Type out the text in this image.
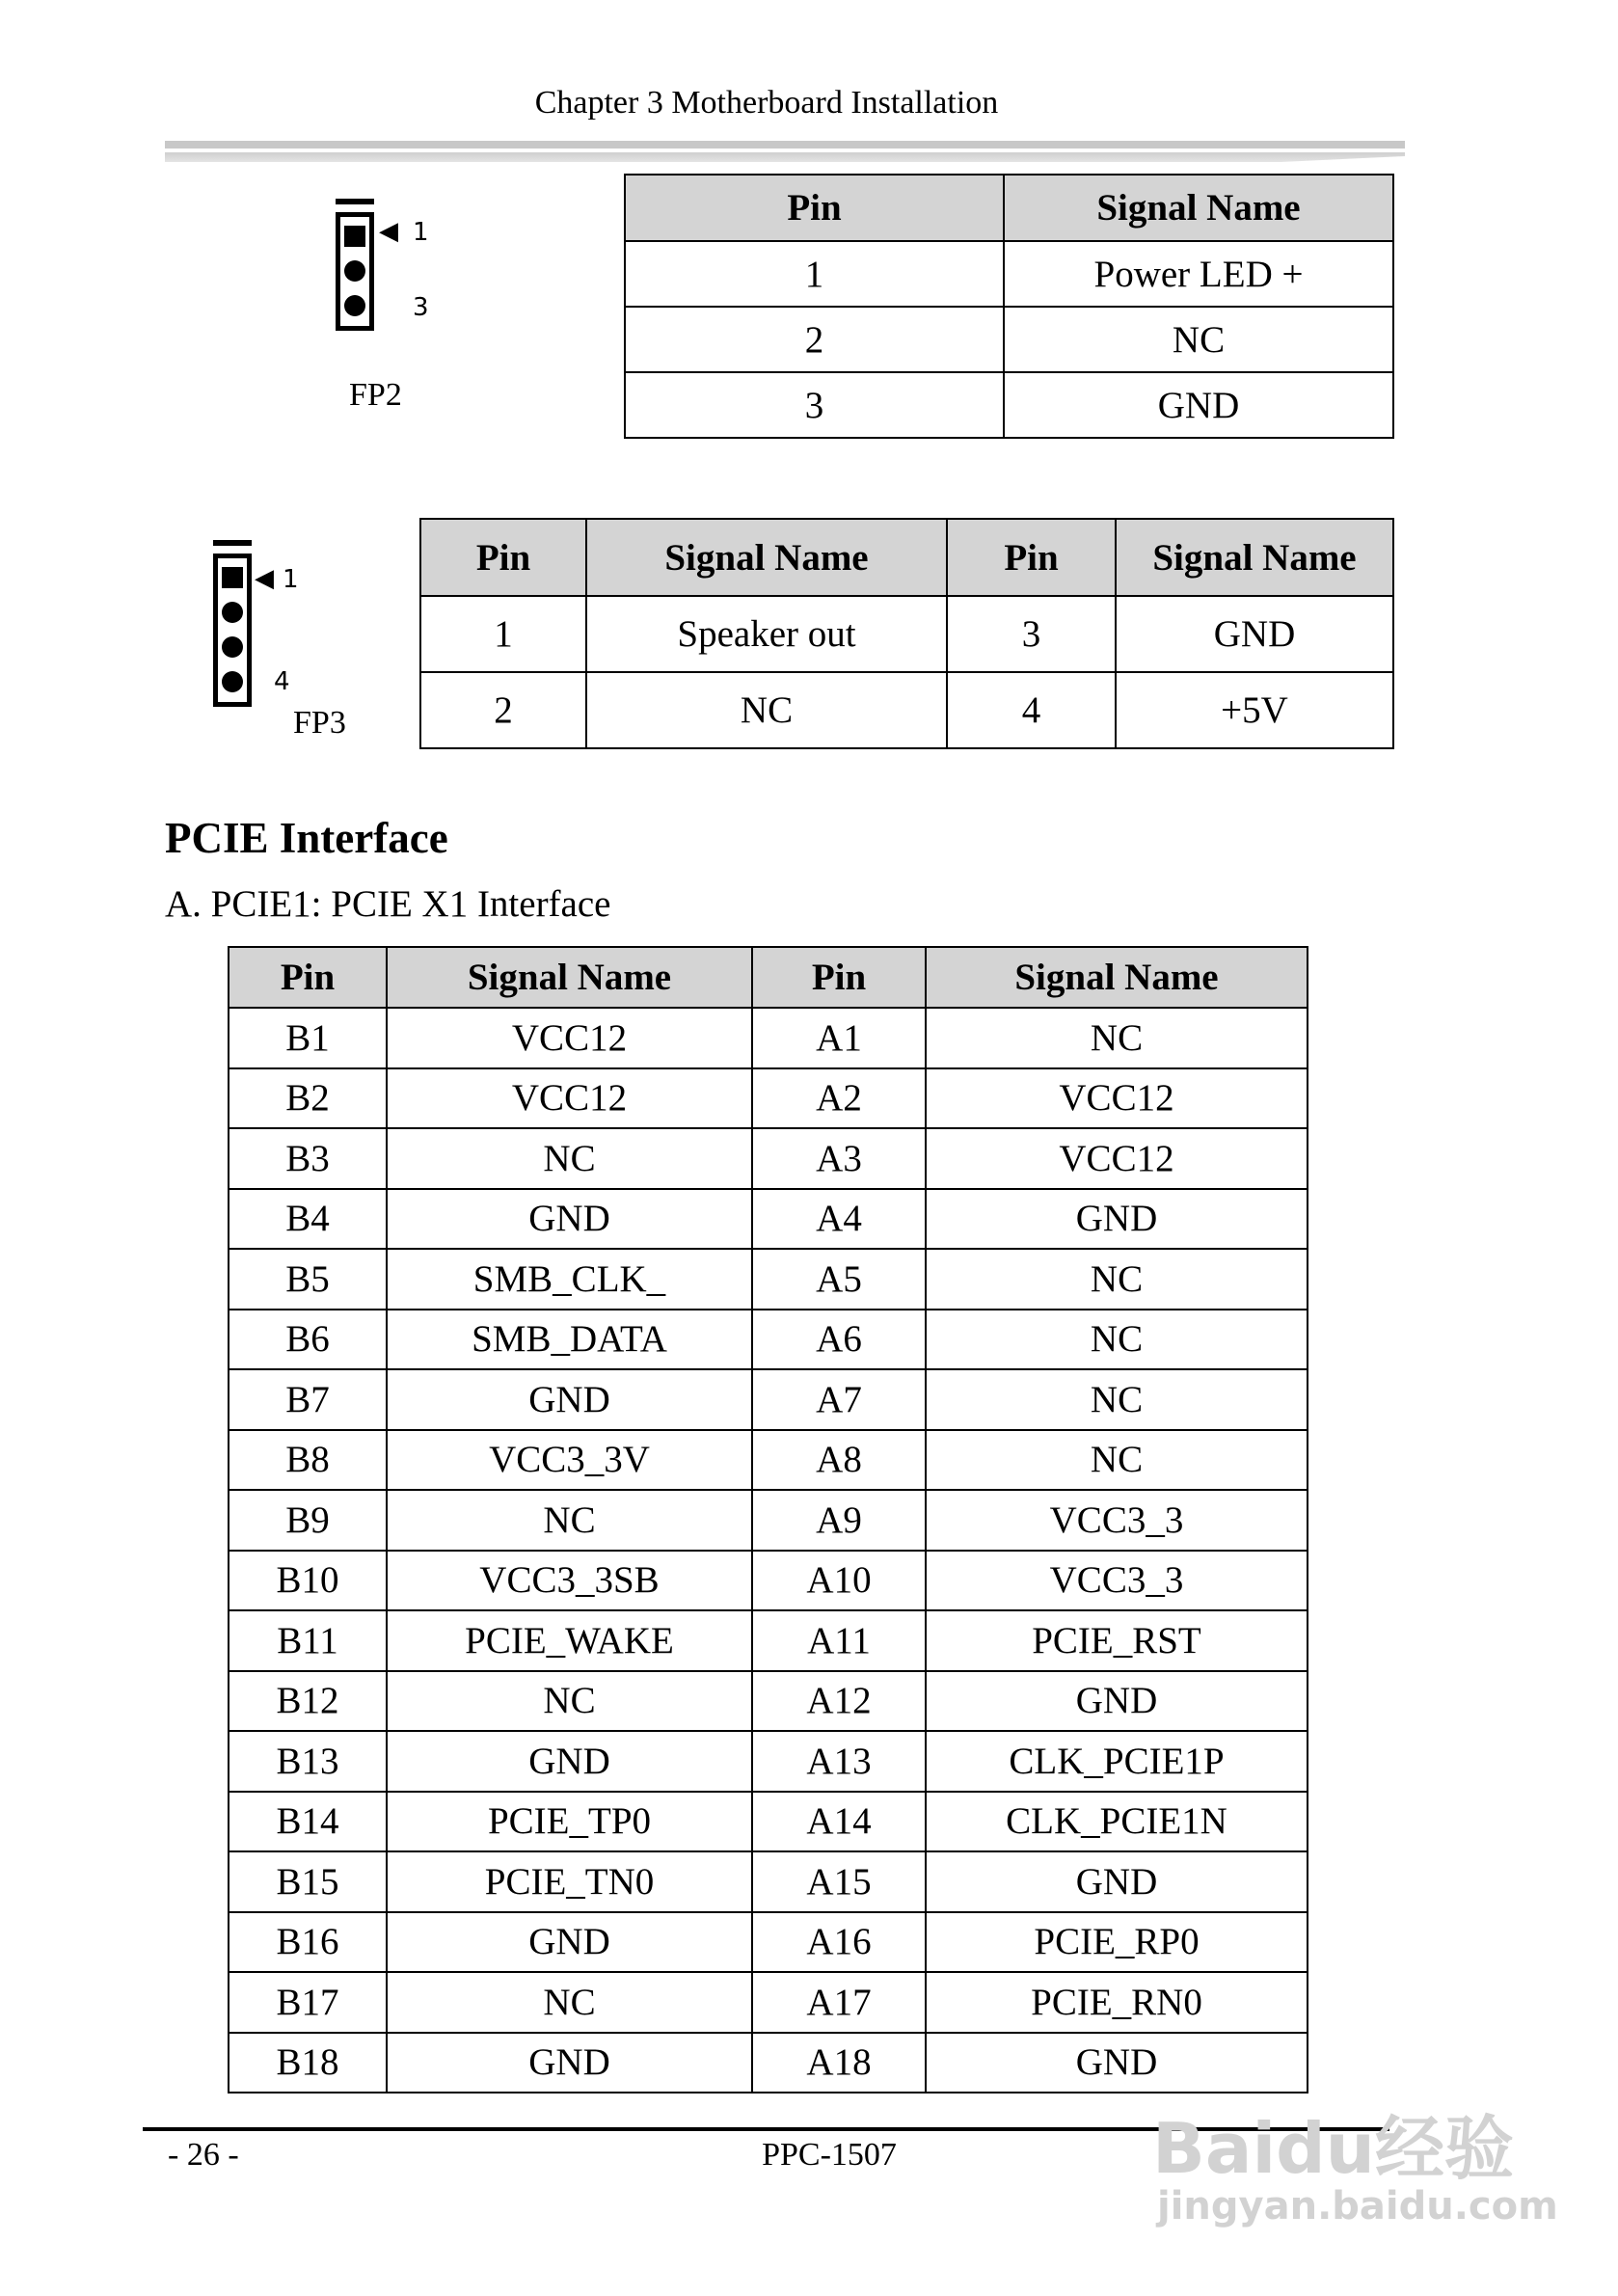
Chapter 3 Motherboard Installation
◀ 1
3
FP2
Pin	Signal Name
1	Power LED +
2	NC
3	GND
◀ 1
4
FP3
Pin	Signal Name	Pin	Signal Name
1	Speaker out	3	GND
2	NC	4	+5V
PCIE Interface
A. PCIE1: PCIE X1 Interface
Pin	Signal Name	Pin	Signal Name
B1	VCC12	A1	NC
B2	VCC12	A2	VCC12
B3	NC	A3	VCC12
B4	GND	A4	GND
B5	SMB_CLK_	A5	NC
B6	SMB_DATA	A6	NC
B7	GND	A7	NC
B8	VCC3_3V	A8	NC
B9	NC	A9	VCC3_3
B10	VCC3_3SB	A10	VCC3_3
B11	PCIE_WAKE	A11	PCIE_RST
B12	NC	A12	GND
B13	GND	A13	CLK_PCIE1P
B14	PCIE_TP0	A14	CLK_PCIE1N
B15	PCIE_TN0	A15	GND
B16	GND	A16	PCIE_RP0
B17	NC	A17	PCIE_RN0
B18	GND	A18	GND
- 26 -	PPC-1507	Baidu经验
jingyan.baidu.com
